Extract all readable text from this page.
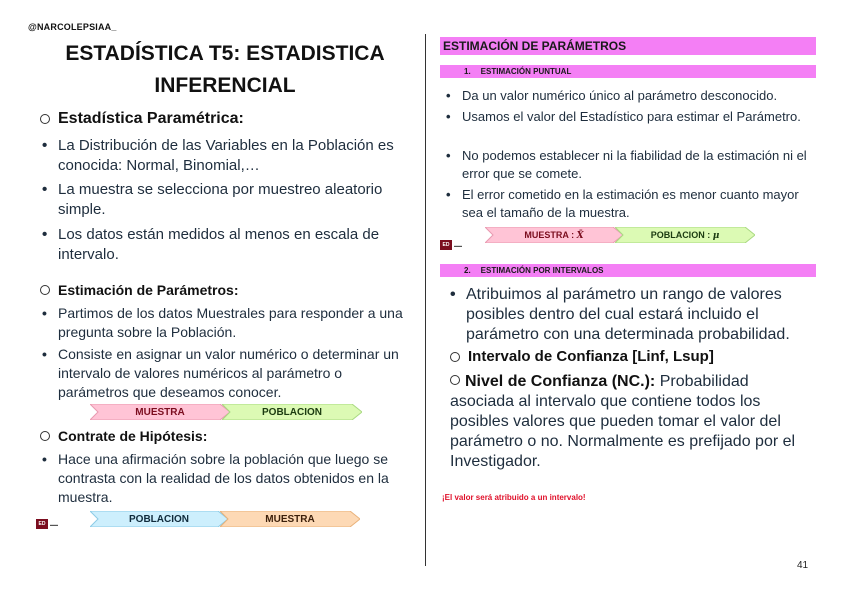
@NARCOLEPSIAA_
ESTADÍSTICA T5: ESTADISTICA
INFERENCIAL
Estadística Paramétrica:
• La Distribución de las Variables en la Población es conocida: Normal, Binomial,…
• La muestra se selecciona por muestreo aleatorio simple.
• Los datos están medidos al menos en escala de intervalo.
Estimación de Parámetros:
• Partimos de los datos Muestrales para responder a una pregunta sobre la Población.
• Consiste en asignar un valor numérico o determinar un intervalo de valores numéricos al parámetro o parámetros que deseamos conocer.
MUESTRA	POBLACION
Contrate de Hipótesis:
• Hace una afirmación sobre la población que luego se contrasta con la realidad de los datos obtenidos en la muestra.
ED	▬▬	POBLACION	MUESTRA
ESTIMACIÓN DE PARÁMETROS
1. ESTIMACIÓN PUNTUAL
• Da un valor numérico único al parámetro desconocido.
• Usamos el valor del Estadístico para estimar el Parámetro.
• No podemos establecer ni la fiabilidad de la estimación ni el error que se comete.
• El error cometido en la estimación es menor cuanto mayor sea el tamaño de la muestra.
ED	▬▬
MUESTRA : X̄	POBLACION : μ
2. ESTIMACIÓN POR INTERVALOS
• Atribuimos al parámetro un rango de valores posibles dentro del cual estará incluido el parámetro con una determinada probabilidad.
Intervalo de Confianza [Linf, Lsup]
Nivel de Confianza (NC.): Probabilidad asociada al intervalo que contiene todos los posibles valores que pueden tomar el valor del parámetro o no. Normalmente es prefijado por el Investigador.
¡El valor será atribuido a un intervalo!
41
